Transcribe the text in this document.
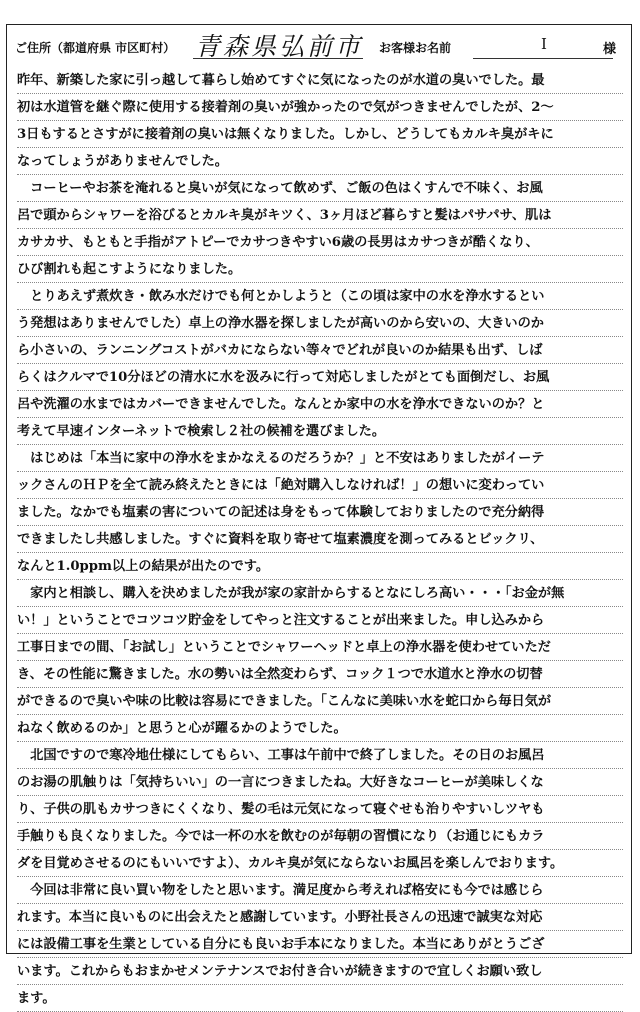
ご住所（都道府県 市区町村） 青森県弘前市 お客様お名前	I	様
昨年、新築した家に引っ越して暮らし始めてすぐに気になったのが水道の臭いでした。最
初は水道管を継ぐ際に使用する接着剤の臭いが強かったので気がつきませんでしたが、2〜
3日もするとさすがに接着剤の臭いは無くなりました。しかし、どうしてもカルキ臭がキに
なってしょうがありませんでした。
　コーヒーやお茶を淹れると臭いが気になって飲めず、ご飯の色はくすんで不味く、お風
呂で頭からシャワーを浴びるとカルキ臭がキツく、3ヶ月ほど暮らすと髪はパサパサ、肌は
カサカサ、もともと手指がアトピーでカサつきやすい6歳の長男はカサつきが酷くなり、
ひび割れも起こすようになりました。
　とりあえず煮炊き・飲み水だけでも何とかしようと（この頃は家中の水を浄水するとい
う発想はありませんでした）卓上の浄水器を探しましたが高いのから安いの、大きいのか
ら小さいの、ランニングコストがバカにならない等々でどれが良いのか結果も出ず、しば
らくはクルマで10分ほどの清水に水を汲みに行って対応しましたがとても面倒だし、お風
呂や洗濯の水まではカバーできませんでした。なんとか家中の水を浄水できないのか？と
考えて早速インターネットで検索し２社の候補を選びました。
　はじめは「本当に家中の浄水をまかなえるのだろうか？」と不安はありましたがイーテ
ックさんのＨＰを全て読み終えたときには「絶対購入しなければ！」の想いに変わってい
ました。なかでも塩素の害についての記述は身をもって体験しておりましたので充分納得
できましたし共感しました。すぐに資料を取り寄せて塩素濃度を測ってみるとビックリ、
なんと1.0ppm以上の結果が出たのです。
　家内と相談し、購入を決めましたが我が家の家計からするとなにしろ高い・・・「お金が無
い！」ということでコツコツ貯金をしてやっと注文することが出来ました。申し込みから
工事日までの間、「お試し」ということでシャワーヘッドと卓上の浄水器を使わせていただ
き、その性能に驚きました。水の勢いは全然変わらず、コック１つで水道水と浄水の切替
ができるので臭いや味の比較は容易にできました。「こんなに美味い水を蛇口から毎日気が
ねなく飲めるのか」と思うと心が躍るかのようでした。
　北国ですので寒冷地仕様にしてもらい、工事は午前中で終了しました。その日のお風呂
のお湯の肌触りは「気持ちいい」の一言につきましたね。大好きなコーヒーが美味しくな
り、子供の肌もカサつきにくくなり、髪の毛は元気になって寝ぐせも治りやすいしツヤも
手触りも良くなりました。今では一杯の水を飲むのが毎朝の習慣になり（お通じにもカラ
ダを目覚めさせるのにもいいですよ）、カルキ臭が気にならないお風呂を楽しんでおります。
　今回は非常に良い買い物をしたと思います。満足度から考えれば格安にも今では感じら
れます。本当に良いものに出会えたと感謝しています。小野社長さんの迅速で誠実な対応
には設備工事を生業としている自分にも良いお手本になりました。本当にありがとうござ
います。これからもおまかせメンテナンスでお付き合いが続きますので宜しくお願い致し
ます。
